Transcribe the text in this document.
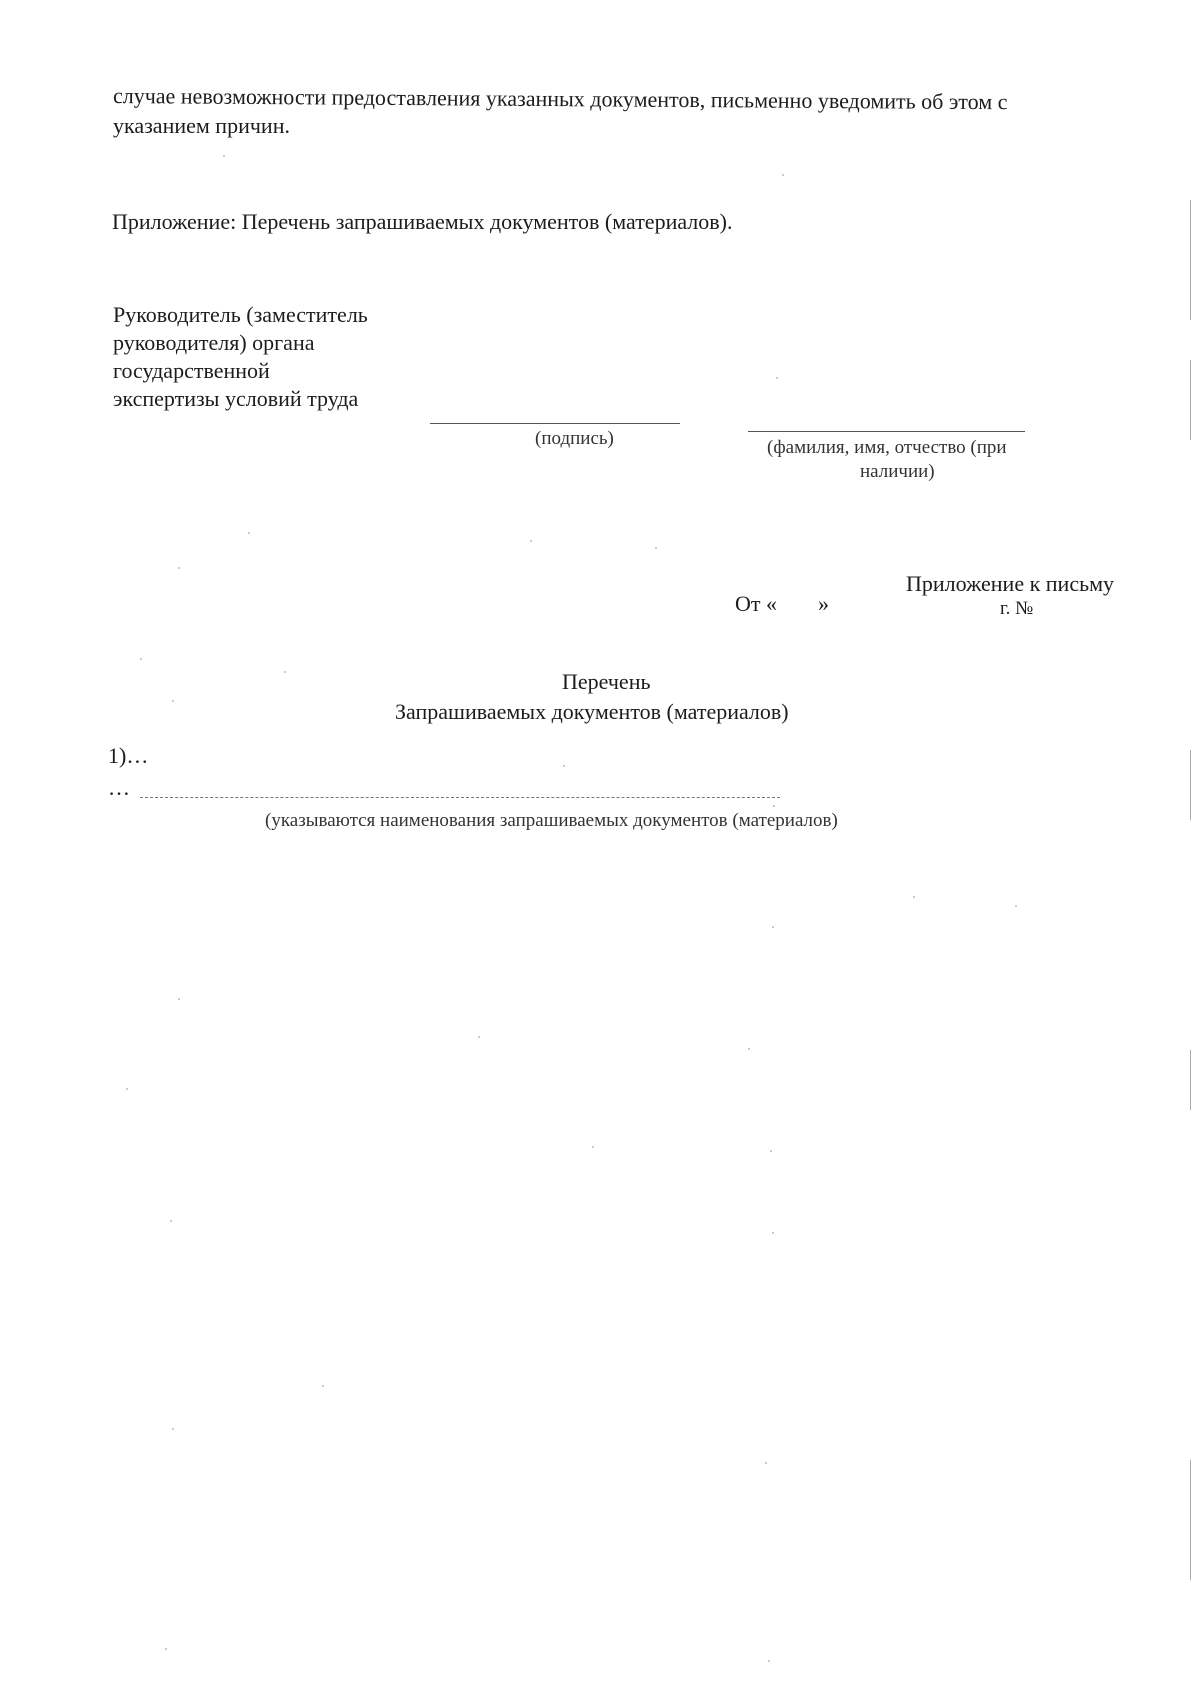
случае невозможности предоставления указанных документов, письменно уведомить об этом с
указанием причин.
Приложение: Перечень запрашиваемых документов (материалов).
Руководитель (заместитель
руководителя) органа
государственной
экспертизы условий труда
(подпись)	(фамилия, имя, отчество (при
наличии)
Приложение к письму
От « »	г. №
Перечень
Запрашиваемых документов (материалов)
1)…
…
(указываются наименования запрашиваемых документов (материалов)
